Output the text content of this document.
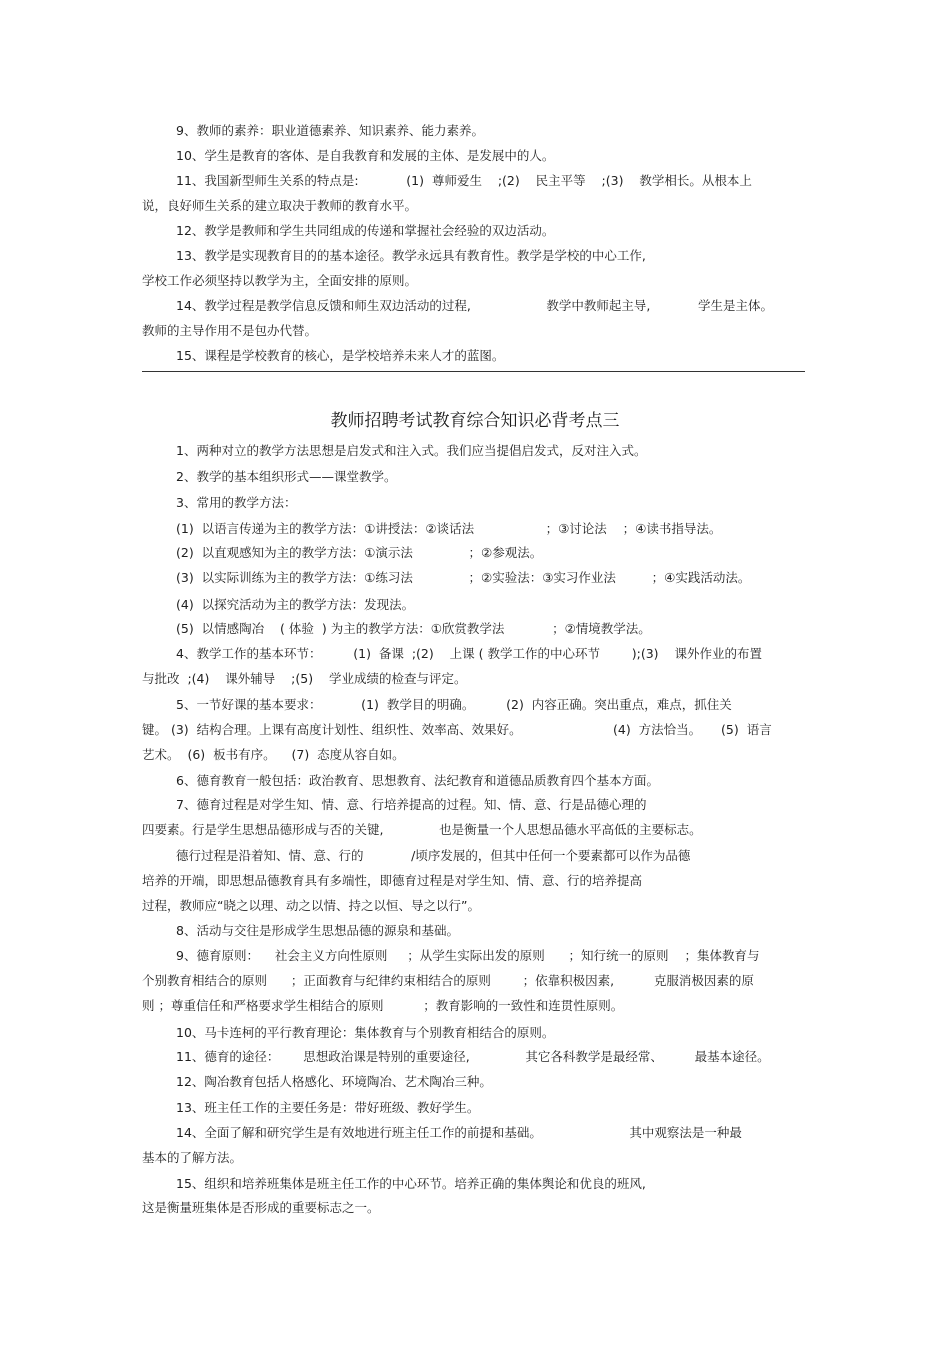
9、教师的素养：职业道德素养、知识素养、能力素养。
10、学生是教育的客体、是自我教育和发展的主体、是发展中的人。
11、我国新型师生关系的特点是:            (1)  尊师爱生    ;(2)    民主平等    ;(3)    教学相长。从根本上
说，良好师生关系的建立取决于教师的教育水平。
12、教学是教师和学生共同组成的传递和掌握社会经验的双边活动。
13、教学是实现教育目的的基本途径。教学永远具有教育性。教学是学校的中心工作,
学校工作必须坚持以教学为主，全面安排的原则。
14、教学过程是教学信息反馈和师生双边活动的过程,                   教学中教师起主导,            学生是主体。
教师的主导作用不是包办代替。
15、课程是学校教育的核心，是学校培养未来人才的蓝图。
教师招聘考试教育综合知识必背考点三
1、两种对立的教学方法思想是启发式和注入式。我们应当提倡启发式，反对注入式。
2、教学的基本组织形式——课堂教学。
3、常用的教学方法：
(1)  以语言传递为主的教学方法：①讲授法：②谈话法                  ；③讨论法    ；④读书指导法。
(2)  以直观感知为主的教学方法：①演示法              ；②参观法。
(3)  以实际训练为主的教学方法：①练习法              ；②实验法：③实习作业法         ；④实践活动法。
(4)  以探究活动为主的教学方法：发现法。
(5)  以情感陶冶    ( 体验  ) 为主的教学方法：①欣赏教学法            ；②情境教学法。
4、教学工作的基本环节：        (1)  备课  ;(2)    上课 ( 教学工作的中心环节        );(3)    课外作业的布置
与批改  ;(4)    课外辅导    ;(5)    学业成绩的检查与评定。
5、一节好课的基本要求：          (1)  教学目的明确。        (2)  内容正确。突出重点，难点，抓住关
键。 (3)  结构合理。上课有高度计划性、组织性、效率高、效果好。                       (4)  方法恰当。     (5)  语言
艺术。  (6)  板书有序。    (7)  态度从容自如。
6、德育教育一般包括：政治教育、思想教育、法纪教育和道德品质教育四个基本方面。
7、德育过程是对学生知、情、意、行培养提高的过程。知、情、意、行是品德心理的
四要素。行是学生思想品德形成与否的关键,              也是衡量一个人思想品德水平高低的主要标志。
德行过程是沿着知、情、意、行的            /顷序发展的，但其中任何一个要素都可以作为品德
培养的开端，即思想品德教育具有多端性，即德育过程是对学生知、情、意、行的培养提高
过程，教师应“晓之以理、动之以情、持之以恒、导之以行”。
8、活动与交往是形成学生思想品德的源泉和基础。
9、德育原则：    社会主义方向性原则     ；从学生实际出发的原则      ；知行统一的原则    ；集体教育与
个别教育相结合的原则      ；正面教育与纪律约束相结合的原则        ；依靠积极因素,          克服消极因素的原
则 ；尊重信任和严格要求学生相结合的原则          ；教育影响的一致性和连贯性原则。
10、马卡连柯的平行教育理论：集体教育与个别教育相结合的原则。
11、德育的途径：      思想政治课是特别的重要途径,              其它各科教学是最经常、        最基本途径。
12、陶冶教育包括人格感化、环境陶冶、艺术陶冶三种。
13、班主任工作的主要任务是：带好班级、教好学生。
14、全面了解和研究学生是有效地进行班主任工作的前提和基础。                      其中观察法是一种最
基本的了解方法。
15、组织和培养班集体是班主任工作的中心环节。培养正确的集体舆论和优良的班风,
这是衡量班集体是否形成的重要标志之一。
